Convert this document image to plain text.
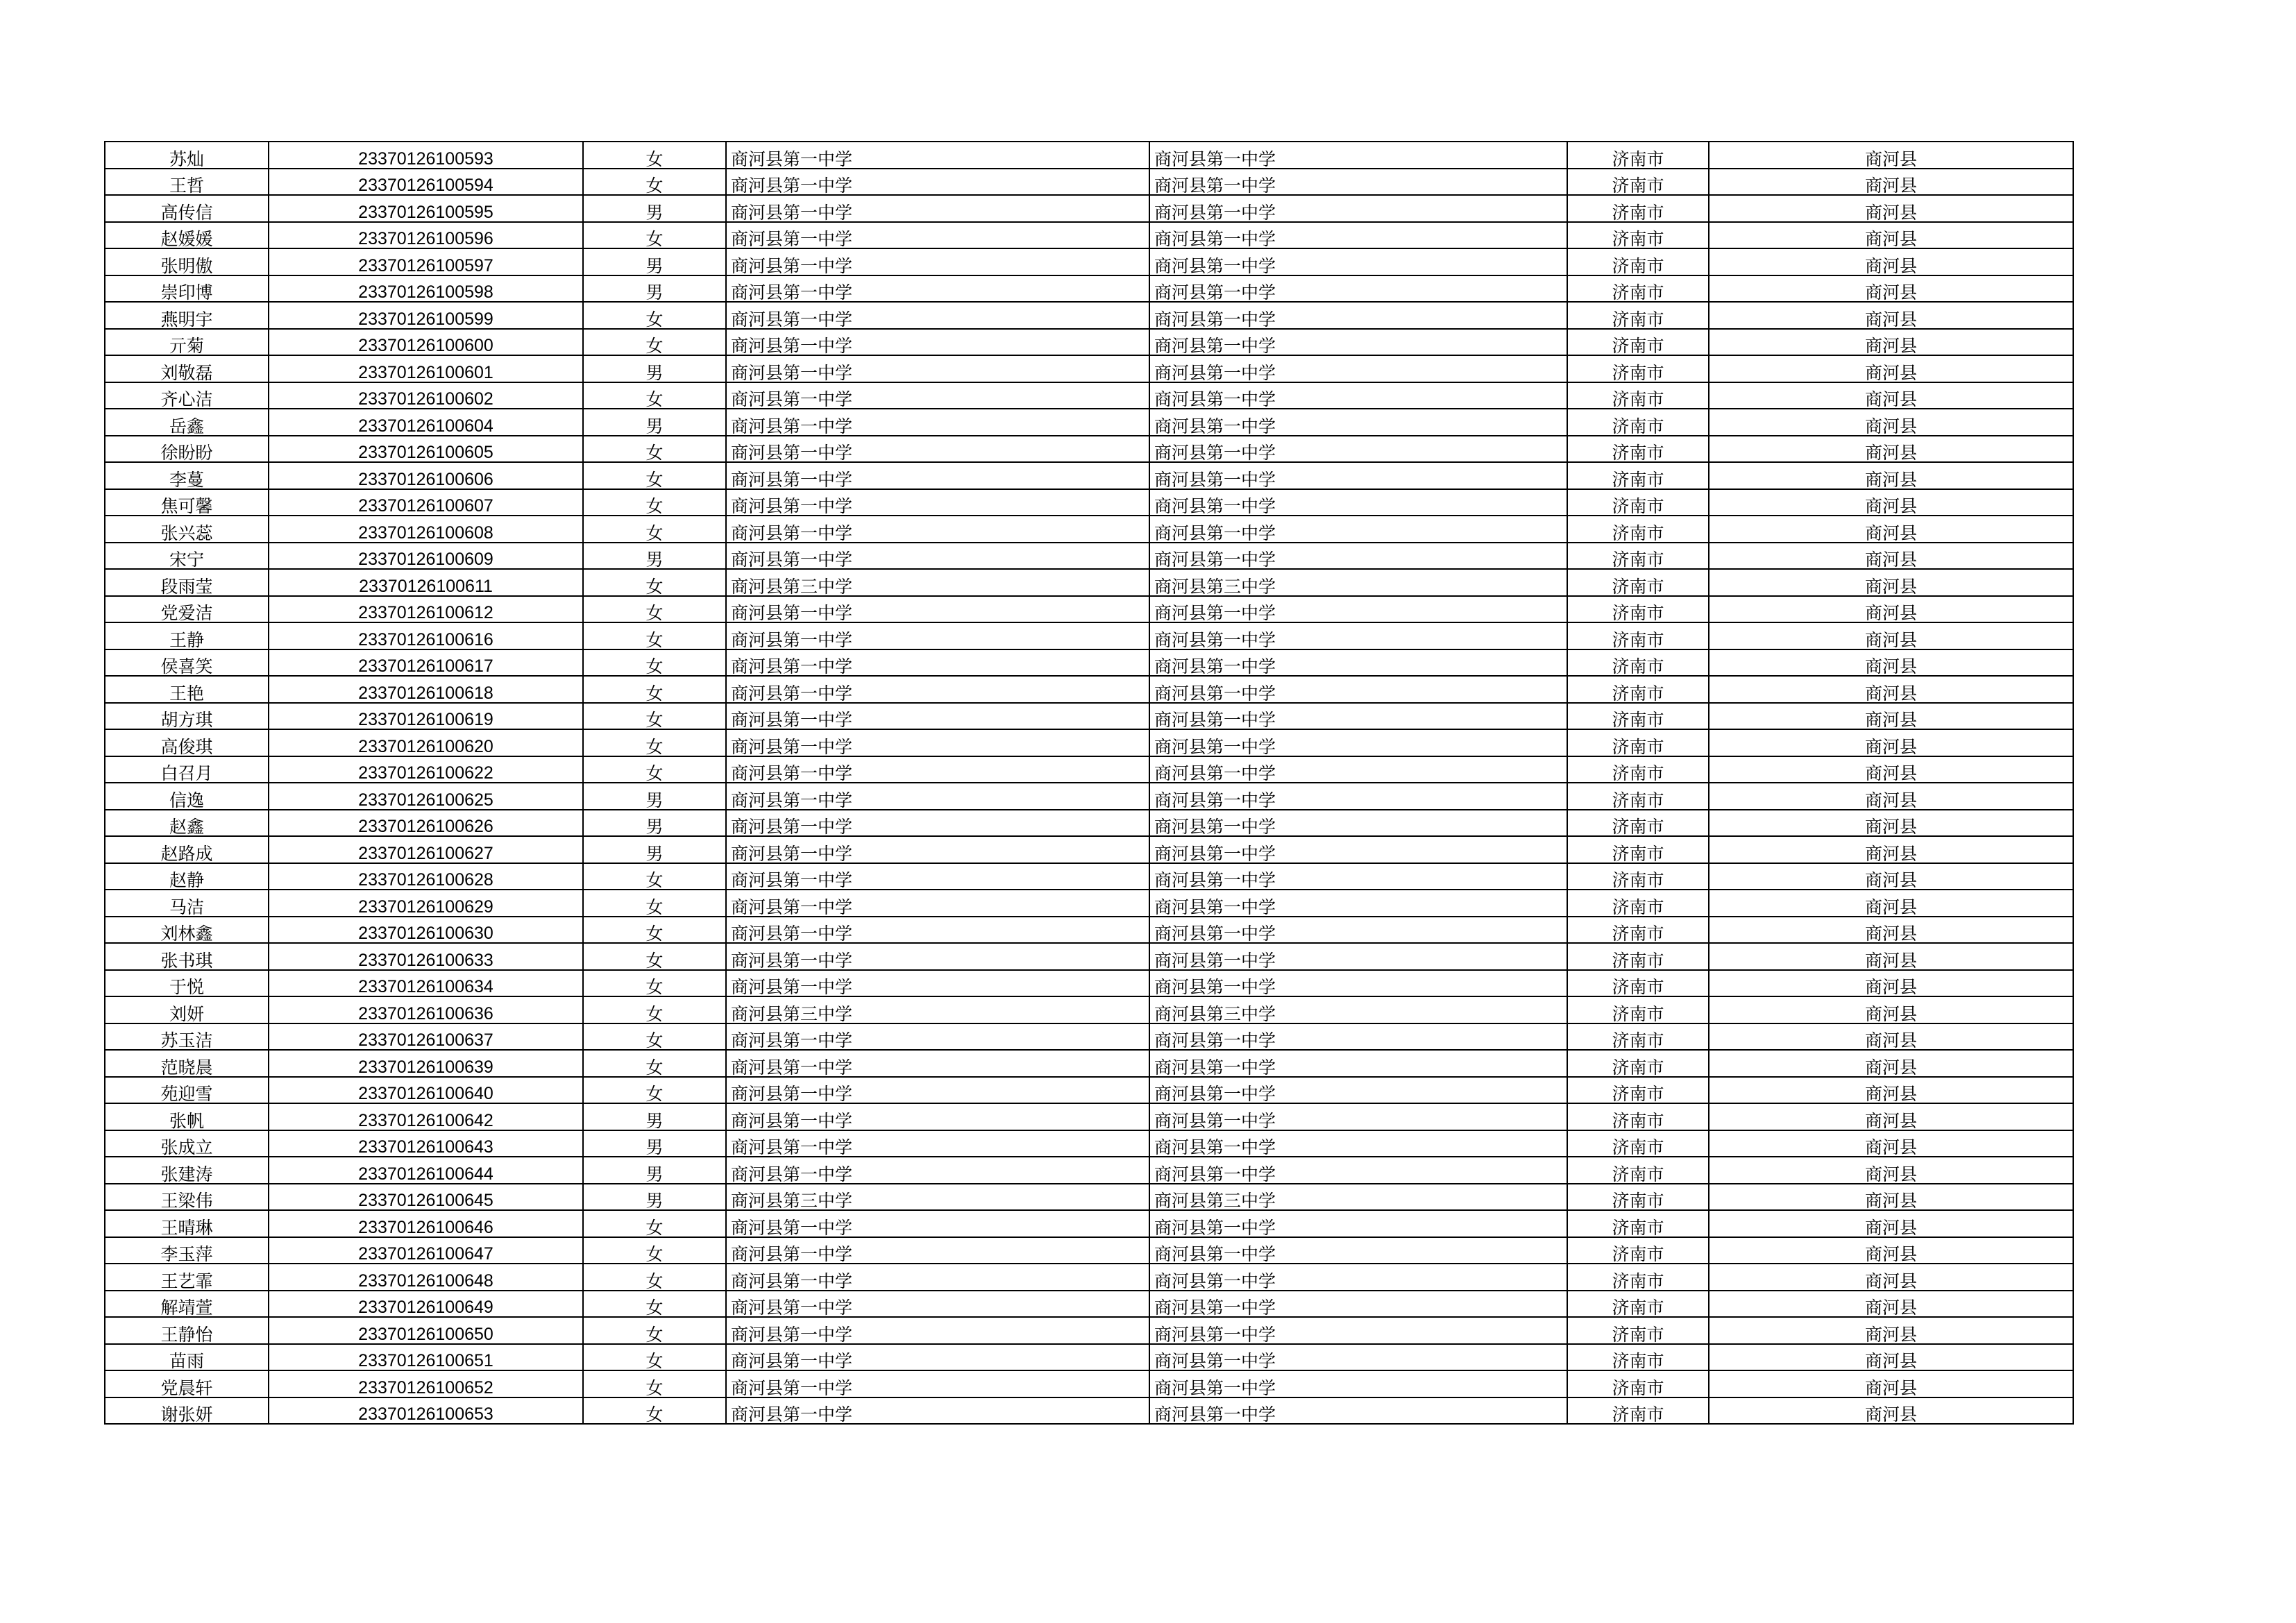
苏灿	23370126100593	女	商河县第一中学	商河县第一中学	济南市	商河县
王哲	23370126100594	女	商河县第一中学	商河县第一中学	济南市	商河县
高传信	23370126100595	男	商河县第一中学	商河县第一中学	济南市	商河县
赵媛媛	23370126100596	女	商河县第一中学	商河县第一中学	济南市	商河县
张明傲	23370126100597	男	商河县第一中学	商河县第一中学	济南市	商河县
崇印博	23370126100598	男	商河县第一中学	商河县第一中学	济南市	商河县
燕明宇	23370126100599	女	商河县第一中学	商河县第一中学	济南市	商河县
亓菊	23370126100600	女	商河县第一中学	商河县第一中学	济南市	商河县
刘敬磊	23370126100601	男	商河县第一中学	商河县第一中学	济南市	商河县
齐心洁	23370126100602	女	商河县第一中学	商河县第一中学	济南市	商河县
岳鑫	23370126100604	男	商河县第一中学	商河县第一中学	济南市	商河县
徐盼盼	23370126100605	女	商河县第一中学	商河县第一中学	济南市	商河县
李蔓	23370126100606	女	商河县第一中学	商河县第一中学	济南市	商河县
焦可馨	23370126100607	女	商河县第一中学	商河县第一中学	济南市	商河县
张兴蕊	23370126100608	女	商河县第一中学	商河县第一中学	济南市	商河县
宋宁	23370126100609	男	商河县第一中学	商河县第一中学	济南市	商河县
段雨莹	23370126100611	女	商河县第三中学	商河县第三中学	济南市	商河县
党爱洁	23370126100612	女	商河县第一中学	商河县第一中学	济南市	商河县
王静	23370126100616	女	商河县第一中学	商河县第一中学	济南市	商河县
侯喜笑	23370126100617	女	商河县第一中学	商河县第一中学	济南市	商河县
王艳	23370126100618	女	商河县第一中学	商河县第一中学	济南市	商河县
胡方琪	23370126100619	女	商河县第一中学	商河县第一中学	济南市	商河县
高俊琪	23370126100620	女	商河县第一中学	商河县第一中学	济南市	商河县
白召月	23370126100622	女	商河县第一中学	商河县第一中学	济南市	商河县
信逸	23370126100625	男	商河县第一中学	商河县第一中学	济南市	商河县
赵鑫	23370126100626	男	商河县第一中学	商河县第一中学	济南市	商河县
赵路成	23370126100627	男	商河县第一中学	商河县第一中学	济南市	商河县
赵静	23370126100628	女	商河县第一中学	商河县第一中学	济南市	商河县
马洁	23370126100629	女	商河县第一中学	商河县第一中学	济南市	商河县
刘林鑫	23370126100630	女	商河县第一中学	商河县第一中学	济南市	商河县
张书琪	23370126100633	女	商河县第一中学	商河县第一中学	济南市	商河县
于悦	23370126100634	女	商河县第一中学	商河县第一中学	济南市	商河县
刘妍	23370126100636	女	商河县第三中学	商河县第三中学	济南市	商河县
苏玉洁	23370126100637	女	商河县第一中学	商河县第一中学	济南市	商河县
范晓晨	23370126100639	女	商河县第一中学	商河县第一中学	济南市	商河县
苑迎雪	23370126100640	女	商河县第一中学	商河县第一中学	济南市	商河县
张帆	23370126100642	男	商河县第一中学	商河县第一中学	济南市	商河县
张成立	23370126100643	男	商河县第一中学	商河县第一中学	济南市	商河县
张建涛	23370126100644	男	商河县第一中学	商河县第一中学	济南市	商河县
王梁伟	23370126100645	男	商河县第三中学	商河县第三中学	济南市	商河县
王晴琳	23370126100646	女	商河县第一中学	商河县第一中学	济南市	商河县
李玉萍	23370126100647	女	商河县第一中学	商河县第一中学	济南市	商河县
王艺霏	23370126100648	女	商河县第一中学	商河县第一中学	济南市	商河县
解靖萱	23370126100649	女	商河县第一中学	商河县第一中学	济南市	商河县
王静怡	23370126100650	女	商河县第一中学	商河县第一中学	济南市	商河县
苗雨	23370126100651	女	商河县第一中学	商河县第一中学	济南市	商河县
党晨轩	23370126100652	女	商河县第一中学	商河县第一中学	济南市	商河县
谢张妍	23370126100653	女	商河县第一中学	商河县第一中学	济南市	商河县
